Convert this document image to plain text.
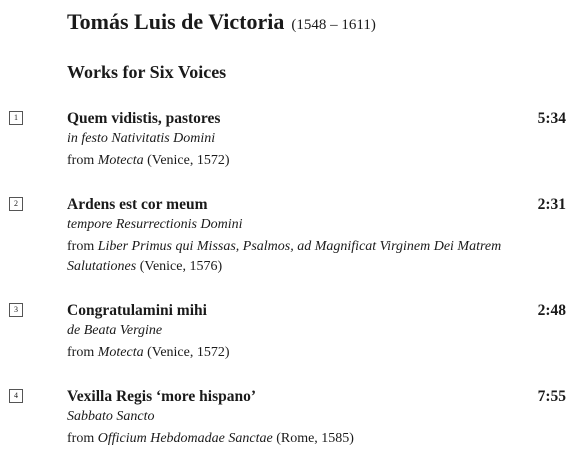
Tomás Luis de Victoria (1548 – 1611)
Works for Six Voices
1	Quem vidistis, pastores	5:34
in festo Nativitatis Domini
from Motecta (Venice, 1572)
2	Ardens est cor meum	2:31
tempore Resurrectionis Domini
from Liber Primus qui Missas, Psalmos, ad Magnificat Virginem Dei Matrem Salutationes (Venice, 1576)
3	Congratulamini mihi	2:48
de Beata Vergine
from Motecta (Venice, 1572)
4	Vexilla Regis ‘more hispano’	7:55
Sabbato Sancto
from Officium Hebdomadae Sanctae (Rome, 1585)
